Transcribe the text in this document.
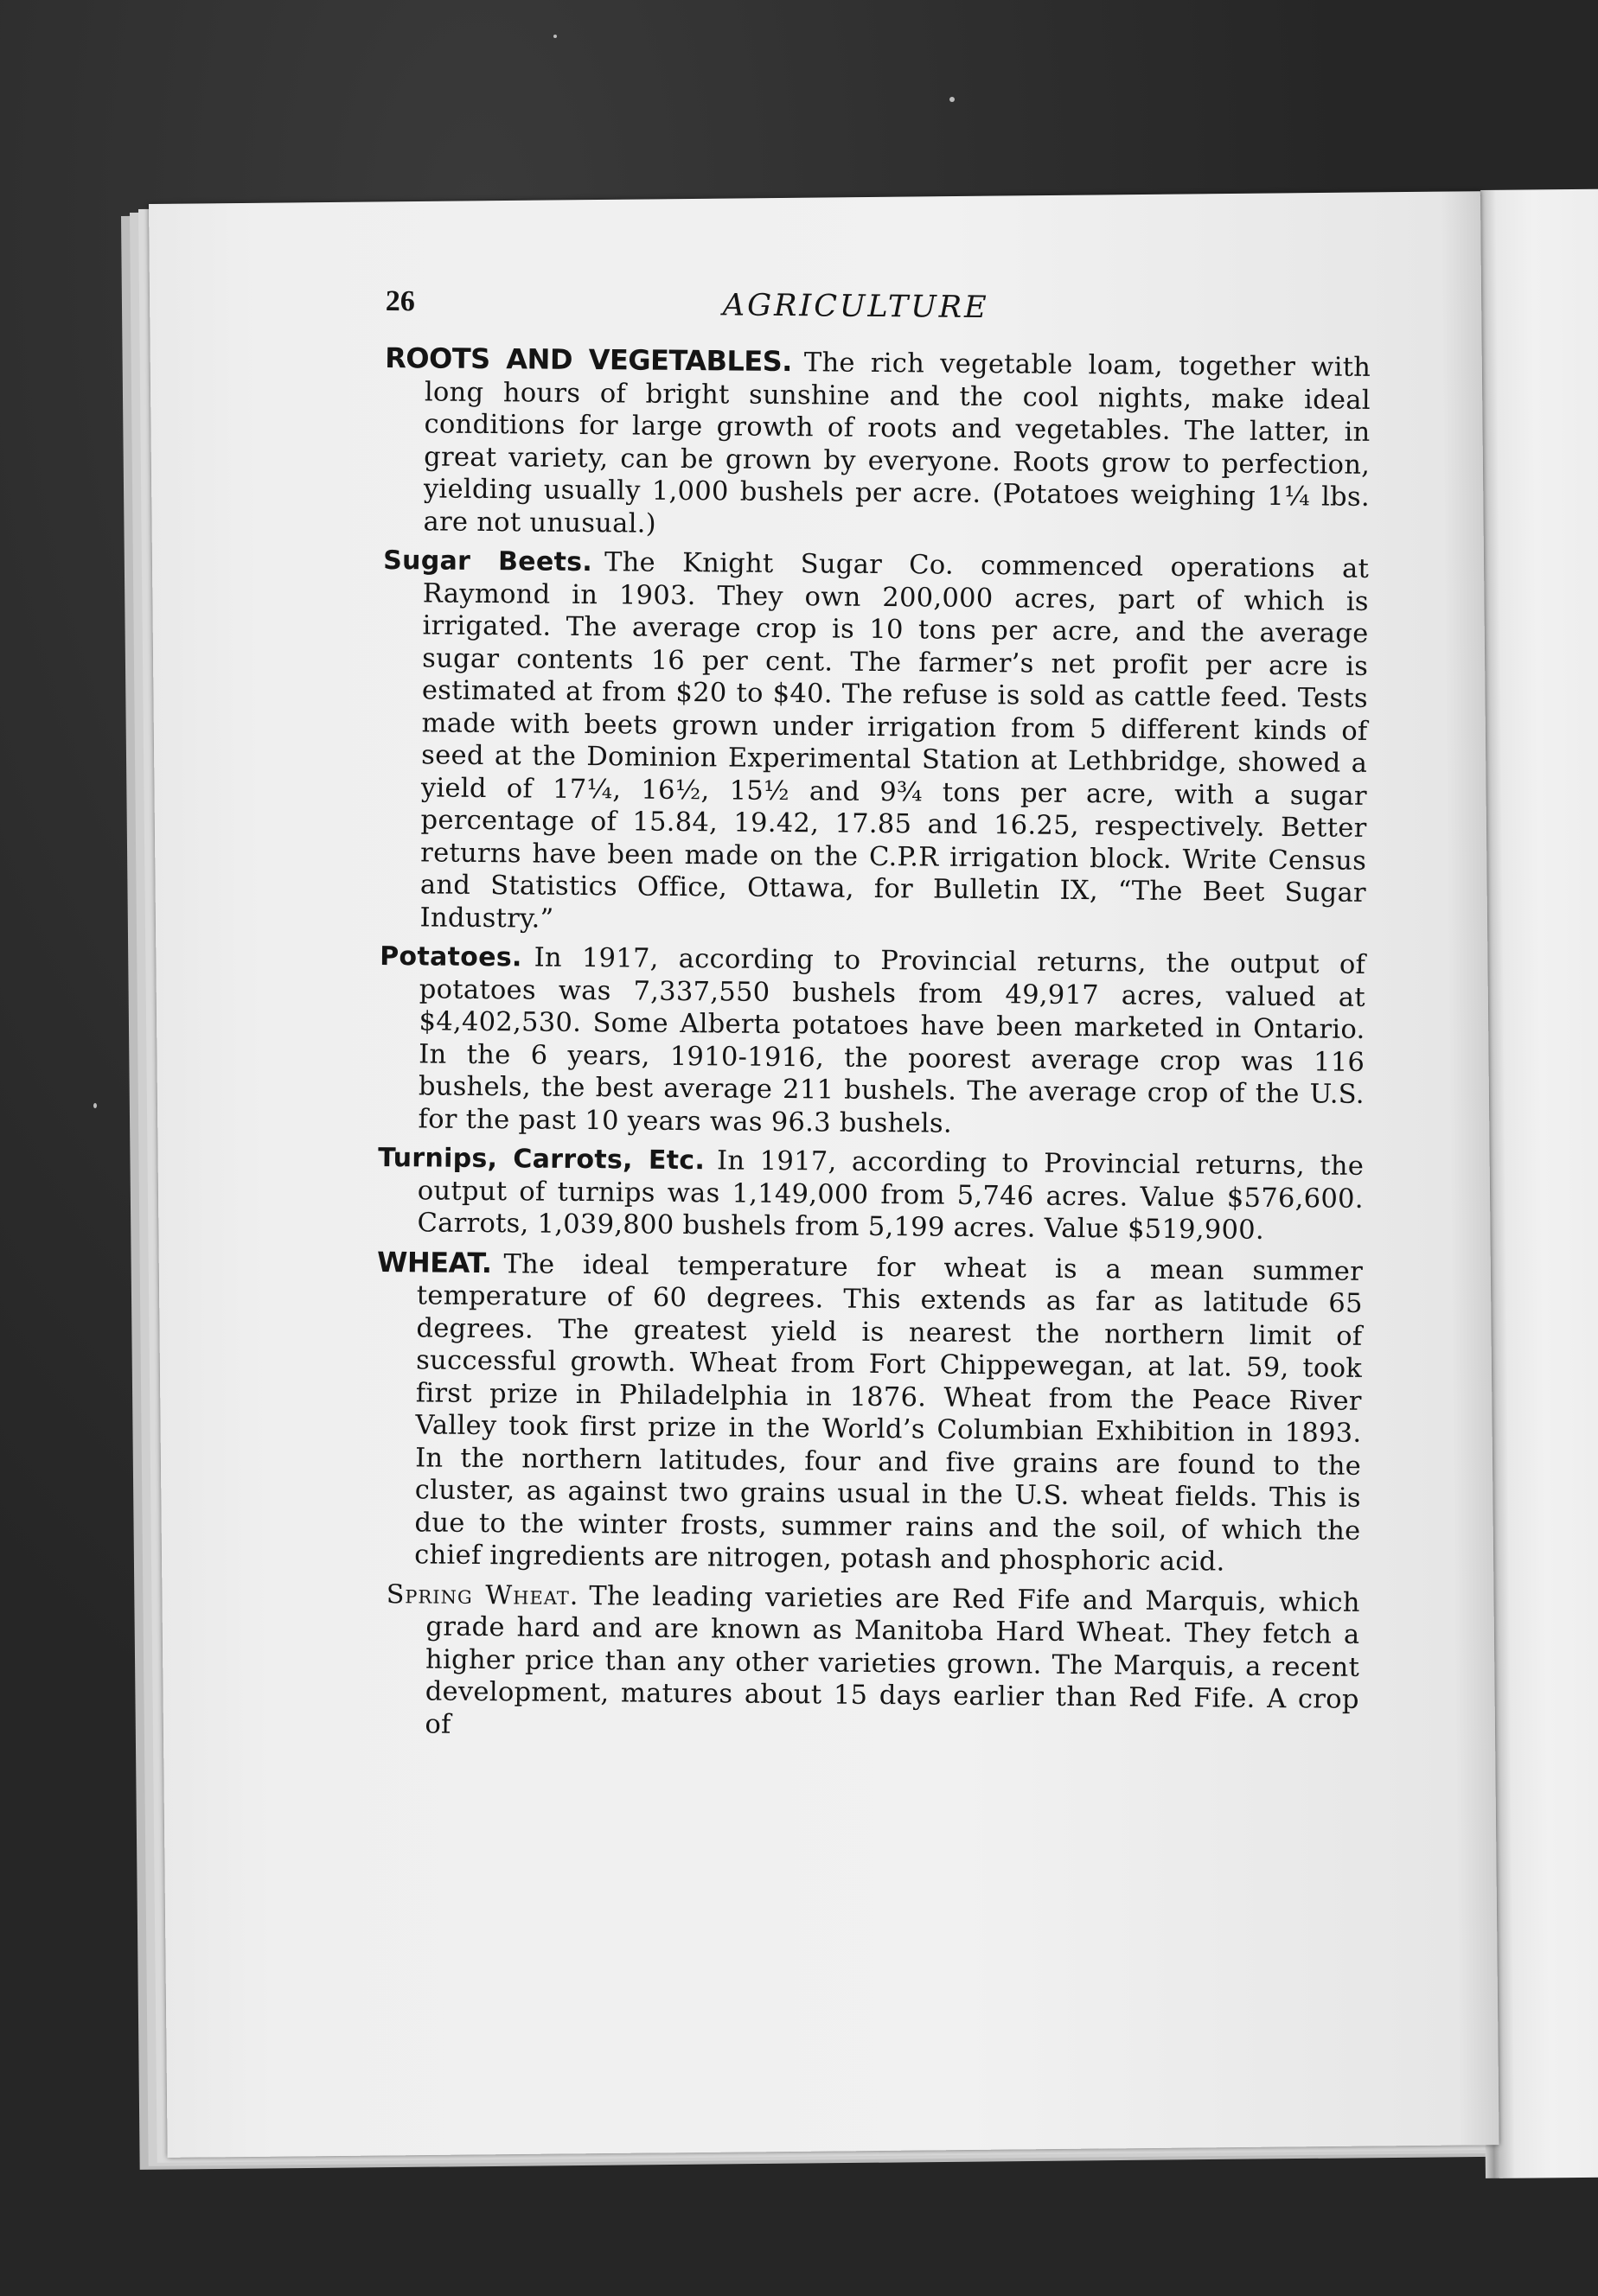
26	AGRICULTURE

ROOTS AND VEGETABLES. The rich vegetable loam, together with long hours of bright sunshine and the cool nights, make ideal conditions for large growth of roots and vegetables. The latter, in great variety, can be grown by everyone. Roots grow to perfection, yielding usually 1,000 bushels per acre. (Potatoes weighing 1¼ lbs. are not unusual.)

Sugar Beets. The Knight Sugar Co. commenced operations at Raymond in 1903. They own 200,000 acres, part of which is irrigated. The average crop is 10 tons per acre, and the average sugar contents 16 per cent. The farmer’s net profit per acre is estimated at from $20 to $40. The refuse is sold as cattle feed. Tests made with beets grown under irrigation from 5 different kinds of seed at the Dominion Experimental Station at Lethbridge, showed a yield of 17¼, 16½, 15½ and 9¾ tons per acre, with a sugar percentage of 15.84, 19.42, 17.85 and 16.25, respectively. Better returns have been made on the C.P.R irrigation block. Write Census and Statistics Office, Ottawa, for Bulletin IX, “The Beet Sugar Industry.”

Potatoes. In 1917, according to Provincial returns, the output of potatoes was 7,337,550 bushels from 49,917 acres, valued at $4,402,530. Some Alberta potatoes have been marketed in Ontario. In the 6 years, 1910-1916, the poorest average crop was 116 bushels, the best average 211 bushels. The average crop of the U.S. for the past 10 years was 96.3 bushels.

Turnips, Carrots, Etc. In 1917, according to Provincial returns, the output of turnips was 1,149,000 from 5,746 acres. Value $576,600. Carrots, 1,039,800 bushels from 5,199 acres. Value $519,900.

WHEAT. The ideal temperature for wheat is a mean summer temperature of 60 degrees. This extends as far as latitude 65 degrees. The greatest yield is nearest the northern limit of successful growth. Wheat from Fort Chippewegan, at lat. 59, took first prize in Philadelphia in 1876. Wheat from the Peace River Valley took first prize in the World’s Columbian Exhibition in 1893. In the northern latitudes, four and five grains are found to the cluster, as against two grains usual in the U.S. wheat fields. This is due to the winter frosts, summer rains and the soil, of which the chief ingredients are nitrogen, potash and phosphoric acid.

Spring Wheat. The leading varieties are Red Fife and Marquis, which grade hard and are known as Manitoba Hard Wheat. They fetch a higher price than any other varieties grown. The Marquis, a recent development, matures about 15 days earlier than Red Fife. A crop of
